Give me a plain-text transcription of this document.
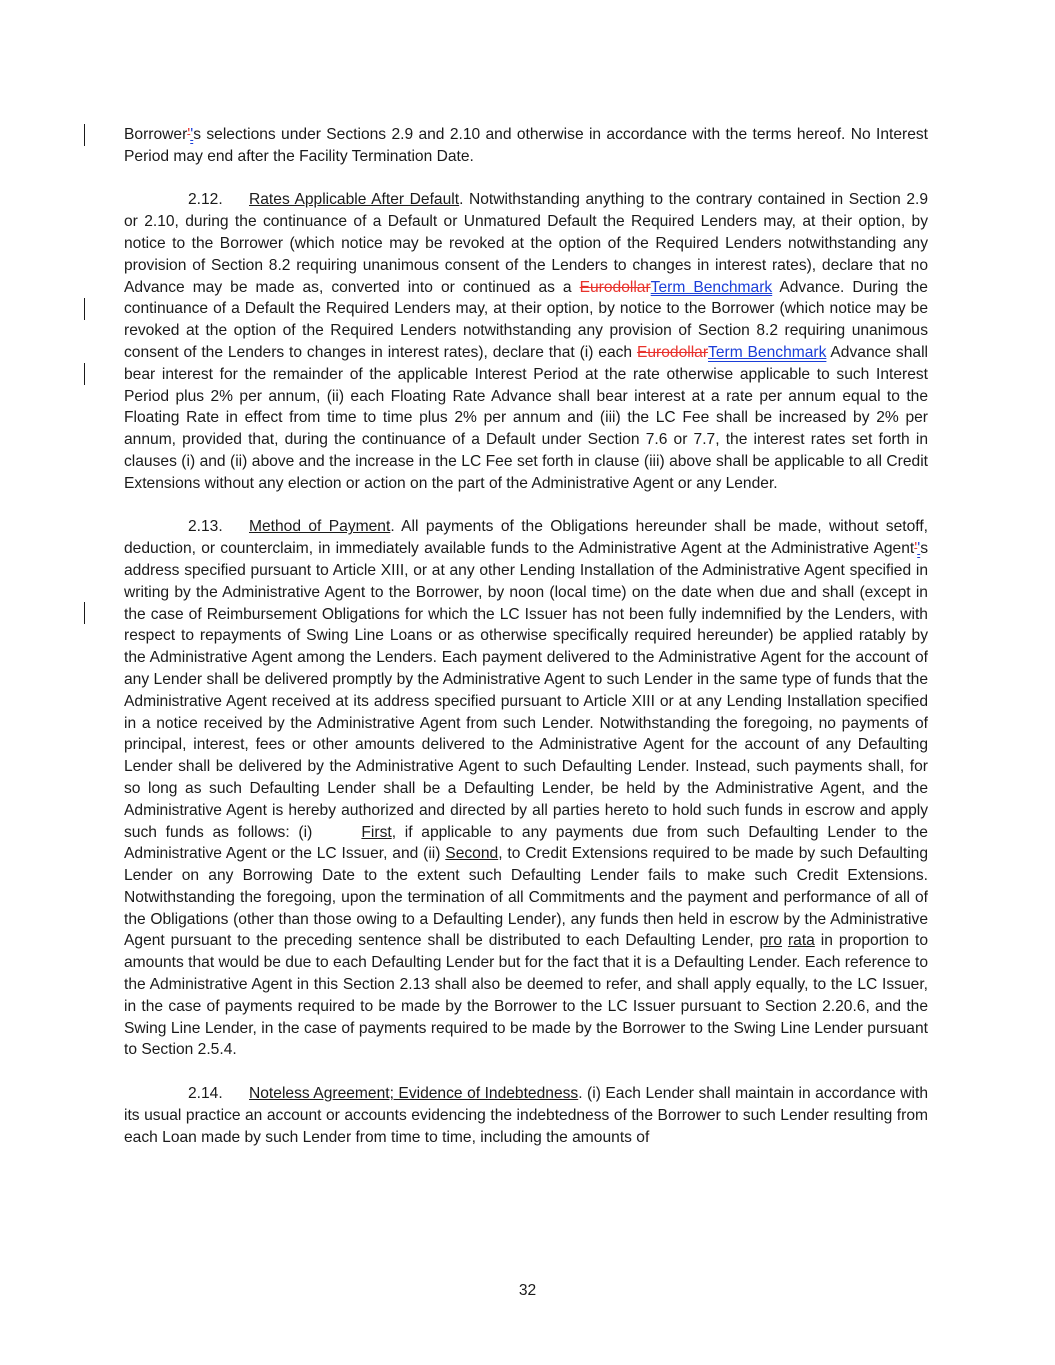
Borrower''s selections under Sections 2.9 and 2.10 and otherwise in accordance with the terms hereof. No Interest Period may end after the Facility Termination Date.

2.12. Rates Applicable After Default. Notwithstanding anything to the contrary contained in Section 2.9 or 2.10, during the continuance of a Default or Unmatured Default the Required Lenders may, at their option, by notice to the Borrower (which notice may be revoked at the option of the Required Lenders notwithstanding any provision of Section 8.2 requiring unanimous consent of the Lenders to changes in interest rates), declare that no Advance may be made as, converted into or continued as a EurodollarTerm Benchmark Advance. During the continuance of a Default the Required Lenders may, at their option, by notice to the Borrower (which notice may be revoked at the option of the Required Lenders notwithstanding any provision of Section 8.2 requiring unanimous consent of the Lenders to changes in interest rates), declare that (i) each EurodollarTerm Benchmark Advance shall bear interest for the remainder of the applicable Interest Period at the rate otherwise applicable to such Interest Period plus 2% per annum, (ii) each Floating Rate Advance shall bear interest at a rate per annum equal to the Floating Rate in effect from time to time plus 2% per annum and (iii) the LC Fee shall be increased by 2% per annum, provided that, during the continuance of a Default under Section 7.6 or 7.7, the interest rates set forth in clauses (i) and (ii) above and the increase in the LC Fee set forth in clause (iii) above shall be applicable to all Credit Extensions without any election or action on the part of the Administrative Agent or any Lender.

2.13. Method of Payment. All payments of the Obligations hereunder shall be made, without setoff, deduction, or counterclaim, in immediately available funds to the Administrative Agent at the Administrative Agent''s address specified pursuant to Article XIII, or at any other Lending Installation of the Administrative Agent specified in writing by the Administrative Agent to the Borrower, by noon (local time) on the date when due and shall (except in the case of Reimbursement Obligations for which the LC Issuer has not been fully indemnified by the Lenders, with respect to repayments of Swing Line Loans or as otherwise specifically required hereunder) be applied ratably by the Administrative Agent among the Lenders. Each payment delivered to the Administrative Agent for the account of any Lender shall be delivered promptly by the Administrative Agent to such Lender in the same type of funds that the Administrative Agent received at its address specified pursuant to Article XIII or at any Lending Installation specified in a notice received by the Administrative Agent from such Lender. Notwithstanding the foregoing, no payments of principal, interest, fees or other amounts delivered to the Administrative Agent for the account of any Defaulting Lender shall be delivered by the Administrative Agent to such Defaulting Lender. Instead, such payments shall, for so long as such Defaulting Lender shall be a Defaulting Lender, be held by the Administrative Agent, and the Administrative Agent is hereby authorized and directed by all parties hereto to hold such funds in escrow and apply such funds as follows: (i)	First, if applicable to any payments due from such Defaulting Lender to the Administrative Agent or the LC Issuer, and (ii) Second, to Credit Extensions required to be made by such Defaulting Lender on any Borrowing Date to the extent such Defaulting Lender fails to make such Credit Extensions. Notwithstanding the foregoing, upon the termination of all Commitments and the payment and performance of all of the Obligations (other than those owing to a Defaulting Lender), any funds then held in escrow by the Administrative Agent pursuant to the preceding sentence shall be distributed to each Defaulting Lender, pro rata in proportion to amounts that would be due to each Defaulting Lender but for the fact that it is a Defaulting Lender. Each reference to the Administrative Agent in this Section 2.13 shall also be deemed to refer, and shall apply equally, to the LC Issuer, in the case of payments required to be made by the Borrower to the LC Issuer pursuant to Section 2.20.6, and the Swing Line Lender, in the case of payments required to be made by the Borrower to the Swing Line Lender pursuant to Section 2.5.4.

2.14. Noteless Agreement; Evidence of Indebtedness. (i) Each Lender shall maintain in accordance with its usual practice an account or accounts evidencing the indebtedness of the Borrower to such Lender resulting from each Loan made by such Lender from time to time, including the amounts of

32
